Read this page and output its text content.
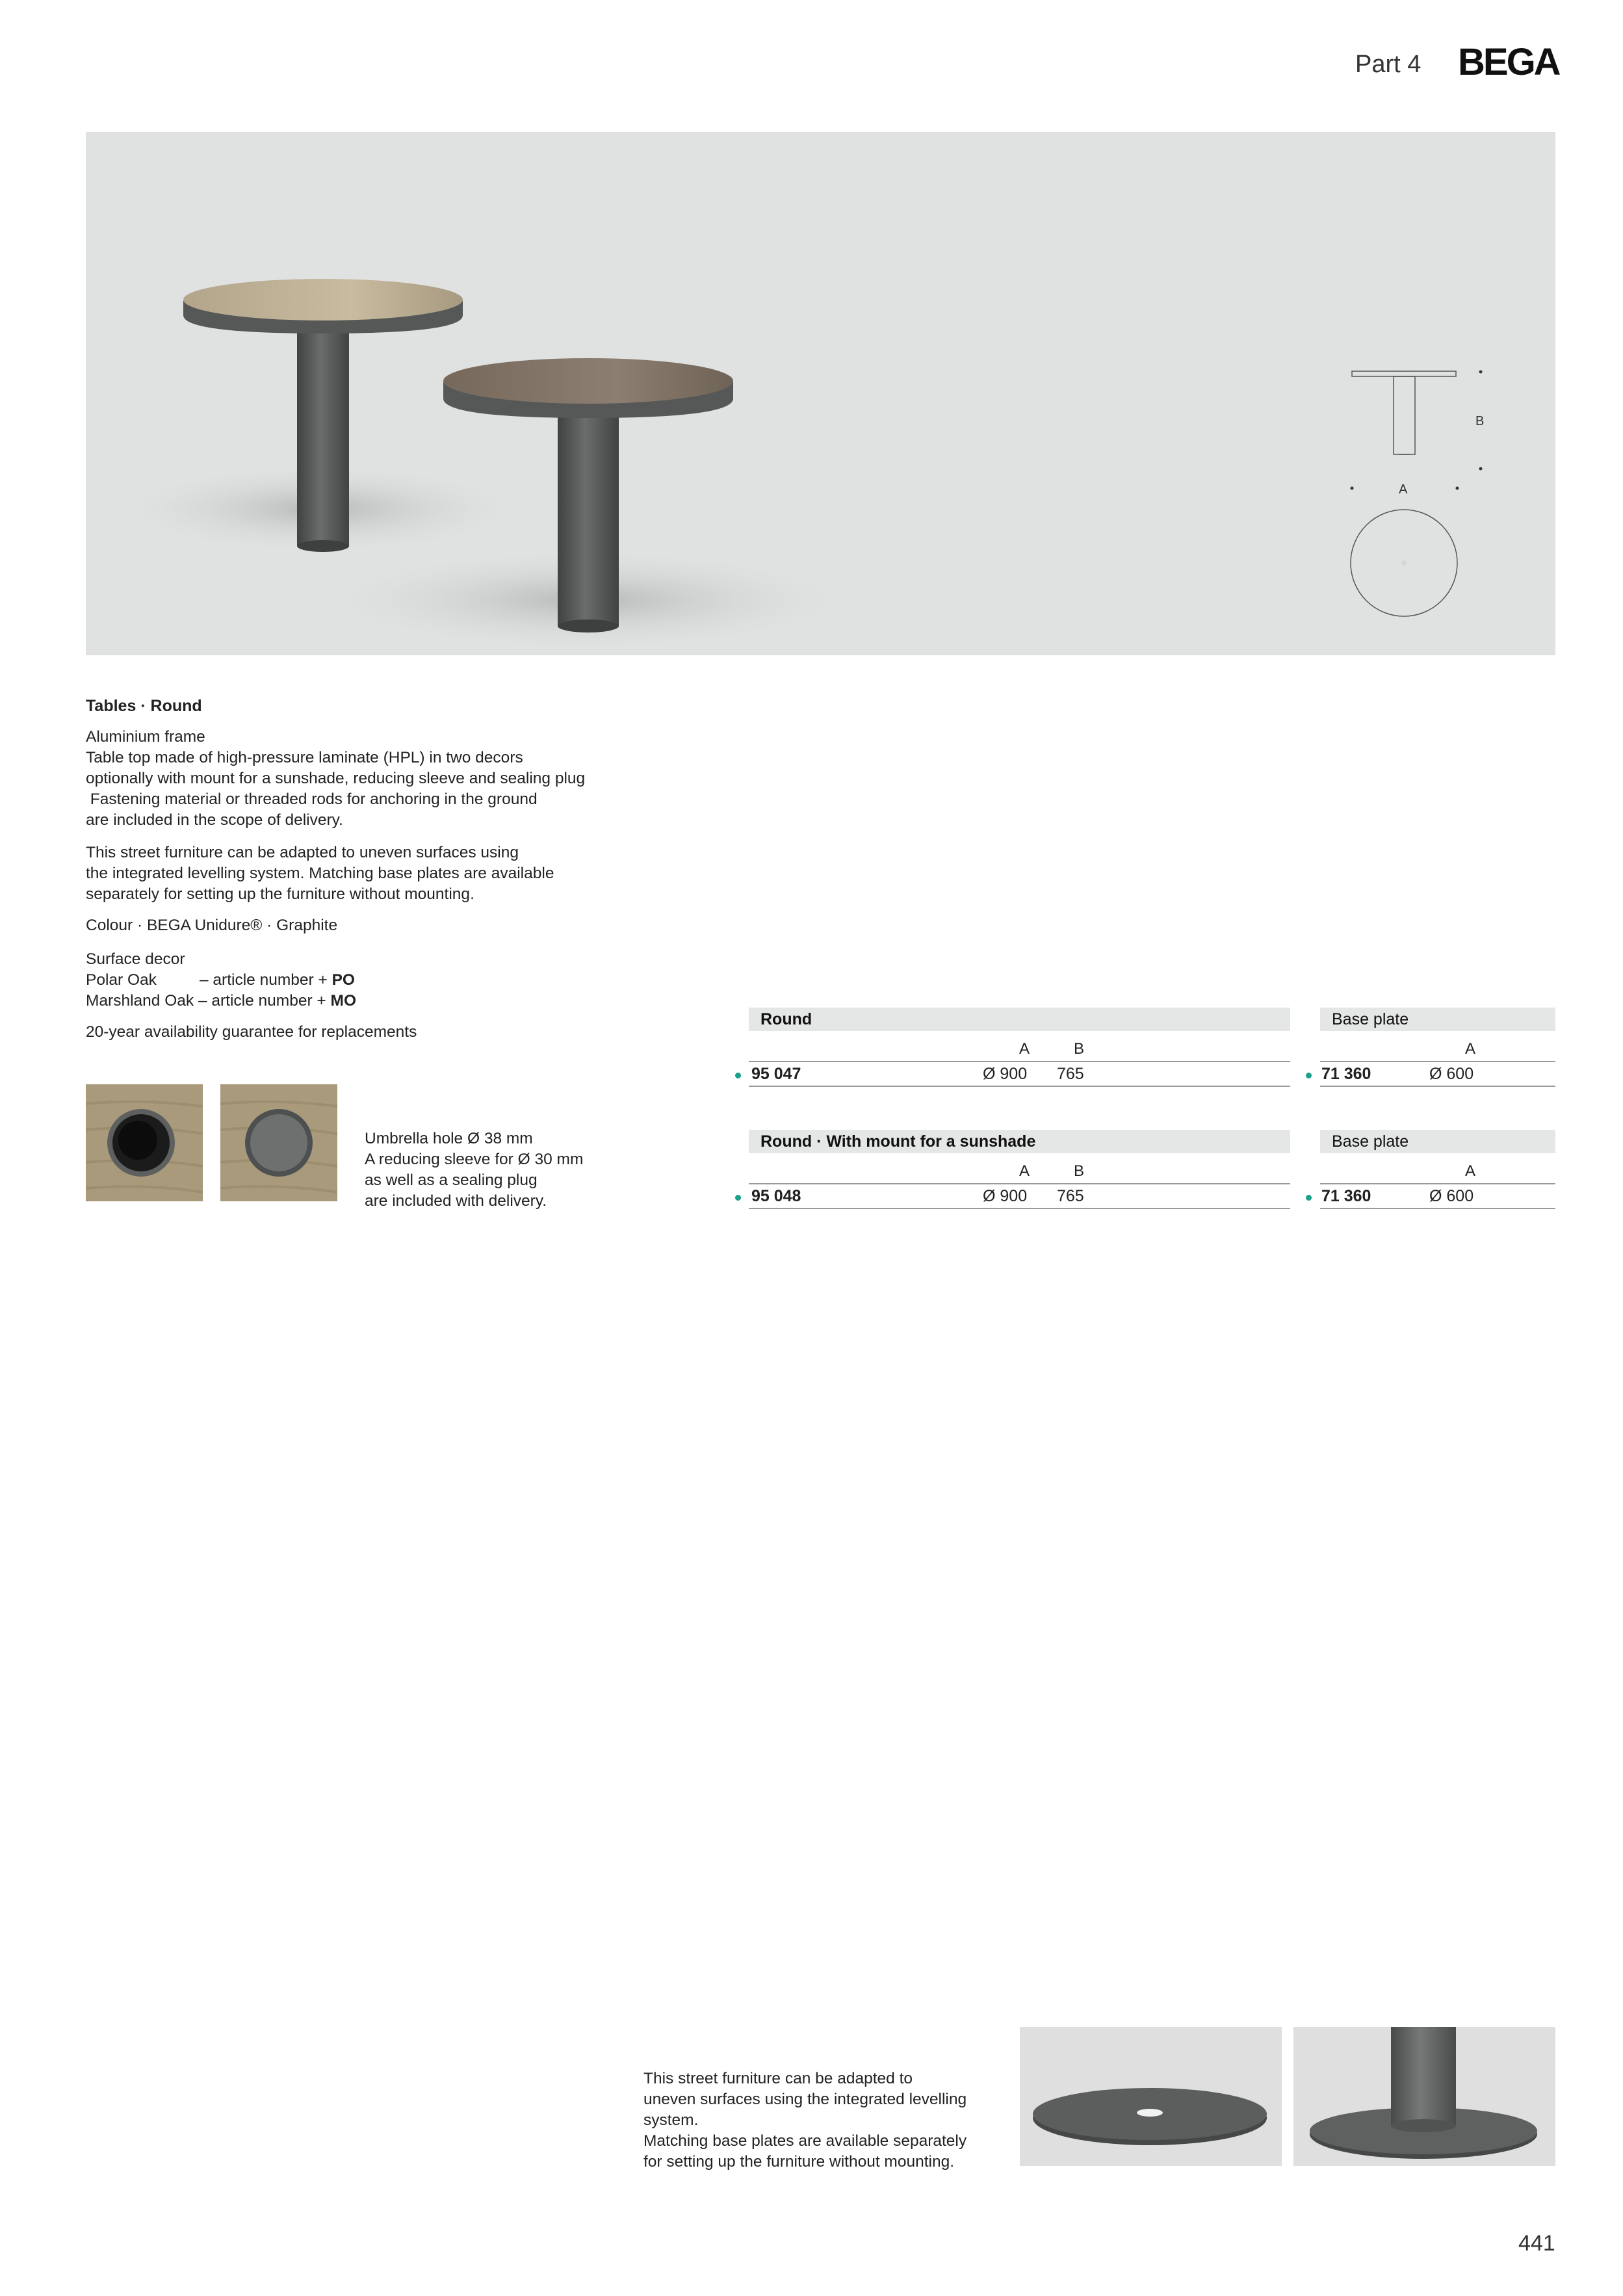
Part 4 BEGA
B
A
Tables · Round

Aluminium frame

Table top made of high-pressure laminate (HPL) in two decors

optionally with mount for a sunshade, reducing sleeve and sealing plug

Fastening material or threaded rods for anchoring in the ground

are included in the scope of delivery.

This street furniture can be adapted to uneven surfaces using

the integrated levelling system. Matching base plates are available

separately for setting up the furniture without mounting.

Colour · BEGA Unidure® · Graphite

Surface decor

Polar Oak	– article number + PO

Marshland Oak – article number + MO

20-year availability guarantee for replacements

Umbrella hole Ø 38 mm

A reducing sleeve for Ø 30 mm

as well as a sealing plug

are included with delivery.

Round
A	B
95 047	Ø 900 765
Base plate
A
71 360	Ø 600
Round · With mount for a sunshade
A	B
95 048	Ø 900 765
Base plate
A
71 360	Ø 600

This street furniture can be adapted to

uneven surfaces using the integrated levelling

system.

Matching base plates are available separately

for setting up the furniture without mounting.

441
